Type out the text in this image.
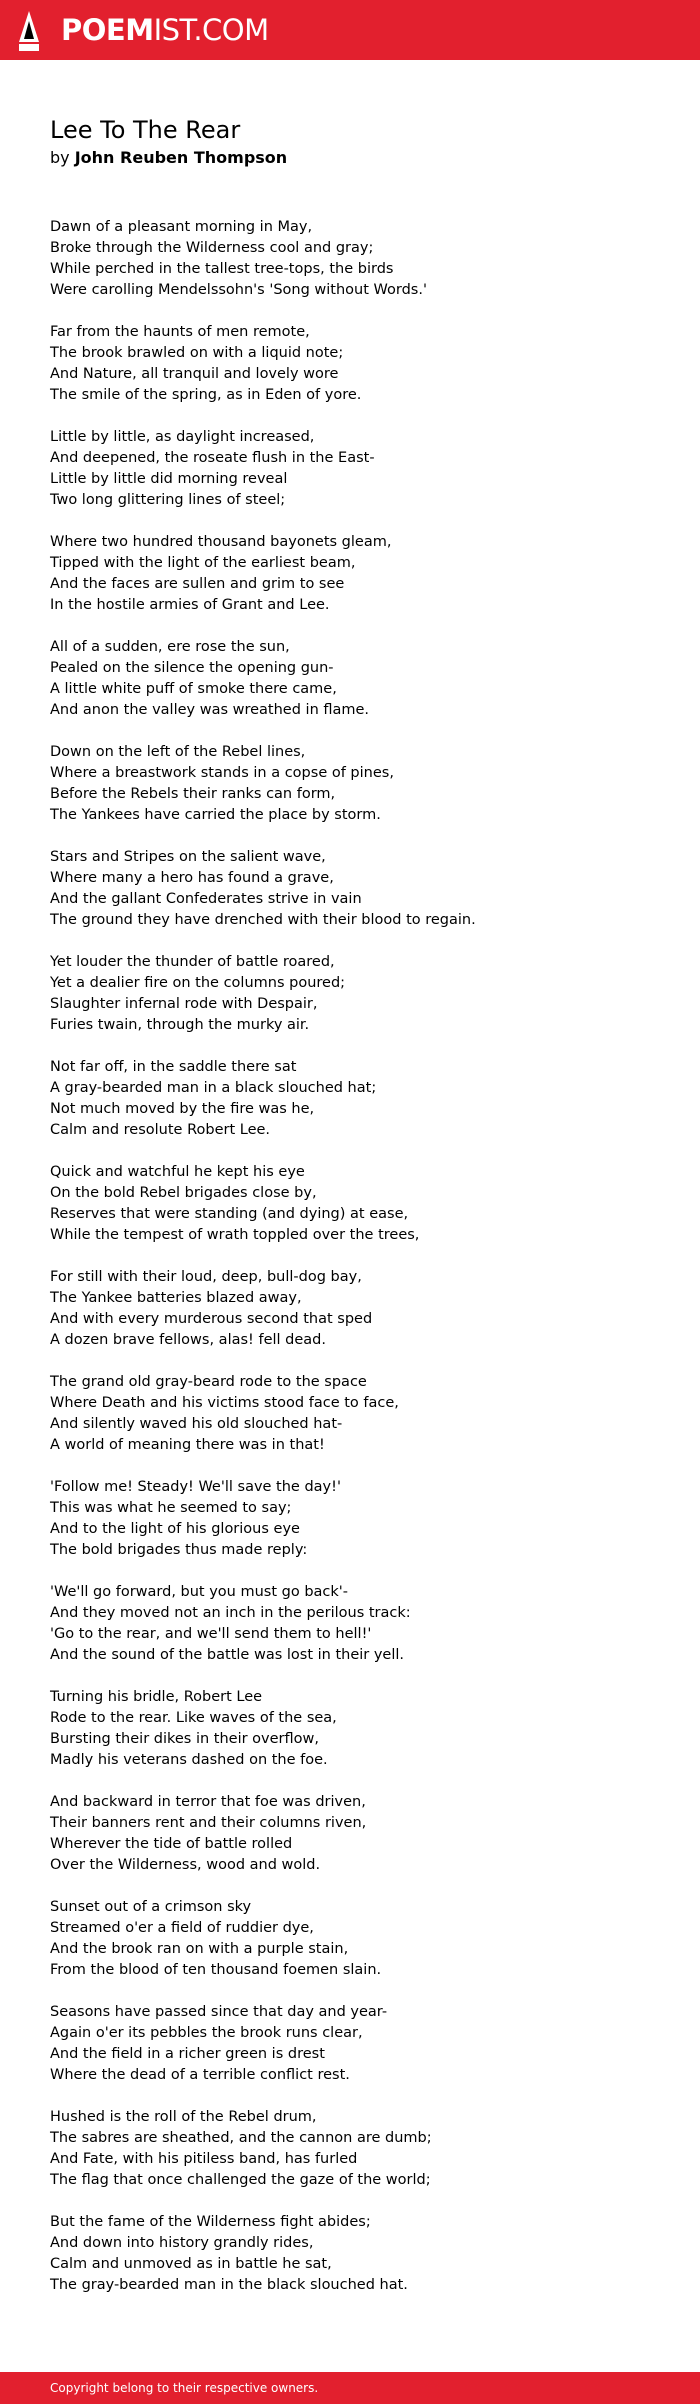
POEMIST.COM
Lee To The Rear
by John Reuben Thompson
Dawn of a pleasant morning in May,
Broke through the Wilderness cool and gray;
While perched in the tallest tree-tops, the birds
Were carolling Mendelssohn's 'Song without Words.'
Far from the haunts of men remote,
The brook brawled on with a liquid note;
And Nature, all tranquil and lovely wore
The smile of the spring, as in Eden of yore.
Little by little, as daylight increased,
And deepened, the roseate flush in the East-
Little by little did morning reveal
Two long glittering lines of steel;
Where two hundred thousand bayonets gleam,
Tipped with the light of the earliest beam,
And the faces are sullen and grim to see
In the hostile armies of Grant and Lee.
All of a sudden, ere rose the sun,
Pealed on the silence the opening gun-
A little white puff of smoke there came,
And anon the valley was wreathed in flame.
Down on the left of the Rebel lines,
Where a breastwork stands in a copse of pines,
Before the Rebels their ranks can form,
The Yankees have carried the place by storm.
Stars and Stripes on the salient wave,
Where many a hero has found a grave,
And the gallant Confederates strive in vain
The ground they have drenched with their blood to regain.
Yet louder the thunder of battle roared,
Yet a dealier fire on the columns poured;
Slaughter infernal rode with Despair,
Furies twain, through the murky air.
Not far off, in the saddle there sat
A gray-bearded man in a black slouched hat;
Not much moved by the fire was he,
Calm and resolute Robert Lee.
Quick and watchful he kept his eye
On the bold Rebel brigades close by,
Reserves that were standing (and dying) at ease,
While the tempest of wrath toppled over the trees,
For still with their loud, deep, bull-dog bay,
The Yankee batteries blazed away,
And with every murderous second that sped
A dozen brave fellows, alas! fell dead.
The grand old gray-beard rode to the space
Where Death and his victims stood face to face,
And silently waved his old slouched hat-
A world of meaning there was in that!
'Follow me! Steady! We'll save the day!'
This was what he seemed to say;
And to the light of his glorious eye
The bold brigades thus made reply:
'We'll go forward, but you must go back'-
And they moved not an inch in the perilous track:
'Go to the rear, and we'll send them to hell!'
And the sound of the battle was lost in their yell.
Turning his bridle, Robert Lee
Rode to the rear. Like waves of the sea,
Bursting their dikes in their overflow,
Madly his veterans dashed on the foe.
And backward in terror that foe was driven,
Their banners rent and their columns riven,
Wherever the tide of battle rolled
Over the Wilderness, wood and wold.
Sunset out of a crimson sky
Streamed o'er a field of ruddier dye,
And the brook ran on with a purple stain,
From the blood of ten thousand foemen slain.
Seasons have passed since that day and year-
Again o'er its pebbles the brook runs clear,
And the field in a richer green is drest
Where the dead of a terrible conflict rest.
Hushed is the roll of the Rebel drum,
The sabres are sheathed, and the cannon are dumb;
And Fate, with his pitiless band, has furled
The flag that once challenged the gaze of the world;
But the fame of the Wilderness fight abides;
And down into history grandly rides,
Calm and unmoved as in battle he sat,
The gray-bearded man in the black slouched hat.
Copyright belong to their respective owners.
